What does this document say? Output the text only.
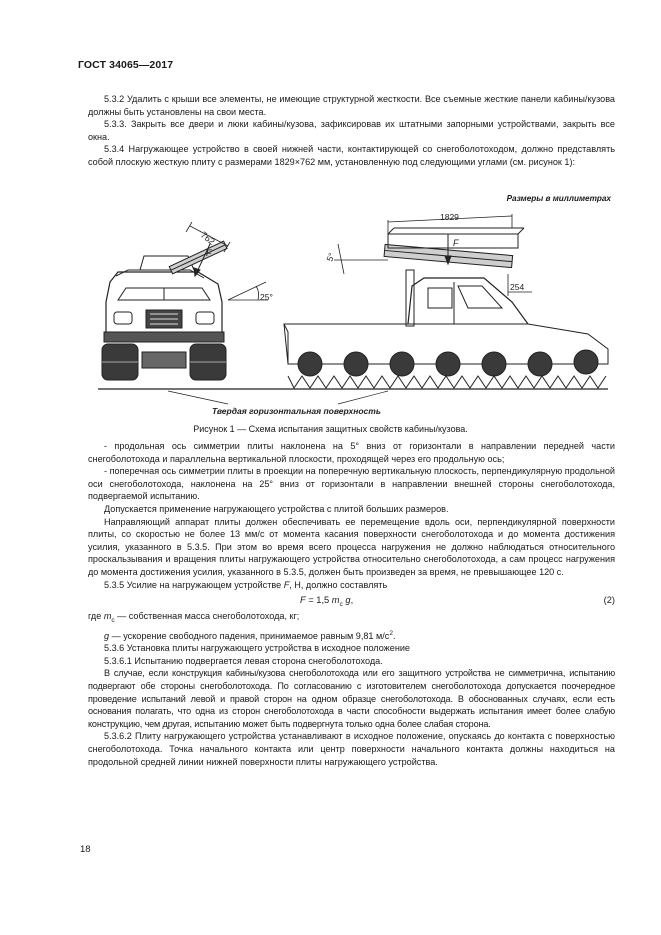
ГОСТ 34065—2017

5.3.2 Удалить с крыши все элементы, не имеющие структурной жесткости. Все съемные жесткие панели кабины/кузова должны быть установлены на свои места.

5.3.3. Закрыть все двери и люки кабины/кузова, зафиксировав их штатными запорными устройствами, закрыть все окна.

5.3.4 Нагружающее устройство в своей нижней части, контактирующей со снегоболотоходом, должно представлять собой плоскую жесткую плиту с размерами 1829×762 мм, установленную под следующими углами (см. рисунок 1):

Размеры в миллиметрах
762
F
25°
1829
F
254
5°
Твердая горизонтальная поверхность
Рисунок 1 — Схема испытания защитных свойств кабины/кузова.

- продольная ось симметрии плиты наклонена на 5° вниз от горизонтали в направлении передней части снегоболотохода и параллельна вертикальной плоскости, проходящей через его продольную ось;

- поперечная ось симметрии плиты в проекции на поперечную вертикальную плоскость, перпендикулярную продольной оси снегоболотохода, наклонена на 25° вниз от горизонтали в направлении внешней стороны снегоболотохода, подвергаемой испытанию.

Допускается применение нагружающего устройства с плитой больших размеров.

Направляющий аппарат плиты должен обеспечивать ее перемещение вдоль оси, перпендикулярной поверхности плиты, со скоростью не более 13 мм/с от момента касания поверхности снегоболотохода и до момента достижения усилия, указанного в 5.3.5. При этом во время всего процесса нагружения не должно наблюдаться относительного проскальзывания и вращения плиты нагружающего устройства относительно снегоболотохода, а сам процесс нагружения до момента достижения усилия, указанного в 5.3.5, должен быть произведен за время, не превышающее 120 с.

5.3.5 Усилие на нагружающем устройстве F, Н, должно составлять

F = 1,5 $m_c$ g,	(2)

где $m_c$ — собственная масса снегоболотохода, кг;

g — ускорение свободного падения, принимаемое равным 9,81 $м/с^2$.

5.3.6 Установка плиты нагружающего устройства в исходное положение

5.3.6.1 Испытанию подвергается левая сторона снегоболотохода.

В случае, если конструкция кабины/кузова снегоболотохода или его защитного устройства не симметрична, испытанию подвергают обе стороны снегоболотохода. По согласованию с изготовителем снегоболотохода допускается поочередное проведение испытаний левой и правой сторон на одном образце снегоболотохода. В обоснованных случаях, если есть основания полагать, что одна из сторон снегоболотохода в части способности выдержать испытания имеет более слабую конструкцию, чем другая, испытанию может быть подвергнута только одна более слабая сторона.

5.3.6.2 Плиту нагружающего устройства устанавливают в исходное положение, опускаясь до контакта с поверхностью снегоболотохода. Точка начального контакта или центр поверхности начального контакта должны находиться на продольной средней линии нижней поверхности плиты нагружающего устройства.

18
